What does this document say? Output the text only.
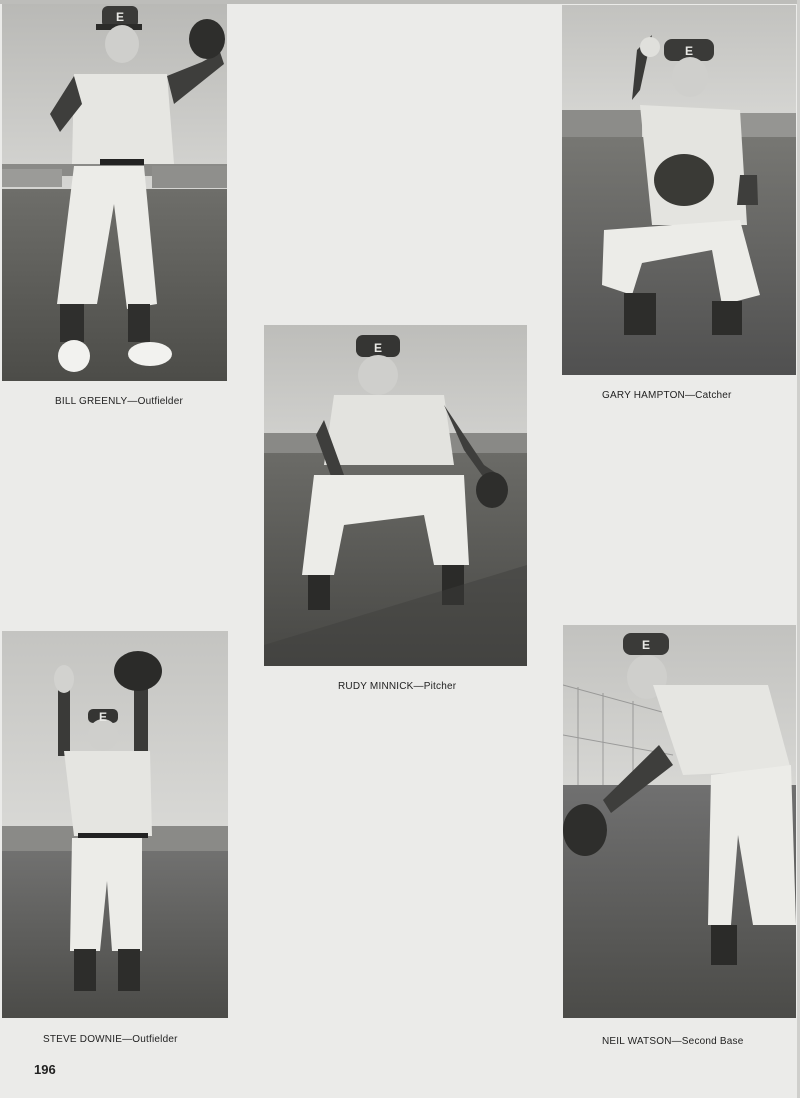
E
BILL GREENLY—Outfielder
E
GARY HAMPTON—Catcher
E
RUDY MINNICK—Pitcher
E
STEVE DOWNIE—Outfielder
E
NEIL WATSON—Second Base
196
